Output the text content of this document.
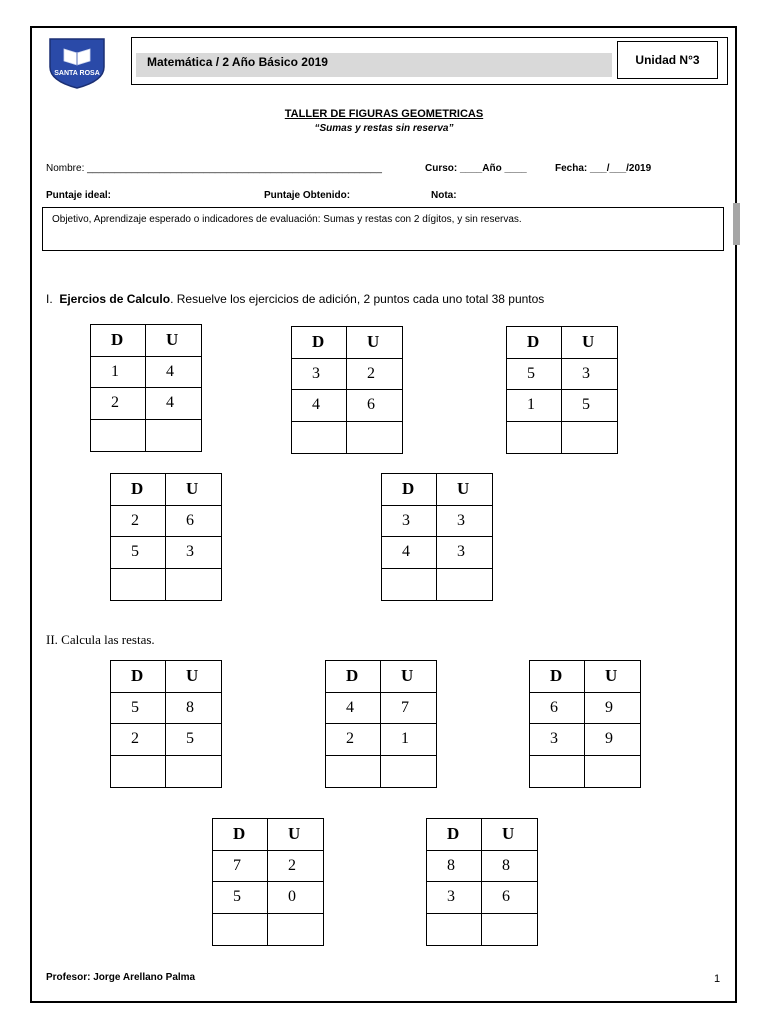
SANTA ROSA
Matemática / 2 Año Básico 2019	Unidad N°3
TALLER DE FIGURAS GEOMETRICAS
“Sumas y restas sin reserva”
Nombre: _____________________________________________________	Curso: ____Año ____	Fecha: ___/___/2019
Puntaje ideal:	Puntaje Obtenido:	Nota:
Objetivo, Aprendizaje esperado o indicadores de evaluación: Sumas y restas con 2 dígitos, y sin reservas.
I. Ejercios de Calculo. Resuelve los ejercicios de adición, 2 puntos cada uno total 38 puntos
II. Calcula las restas.
D	U
1	4
2	4
D	U
3	2
4	6
D	U
5	3
1	5
D	U
2	6
5	3
D	U
3	3
4	3
D	U
5	8
2	5
D	U
4	7
2	1
D	U
6	9
3	9
D	U
7	2
5	0
D	U
8	8
3	6
Profesor: Jorge Arellano Palma	1
